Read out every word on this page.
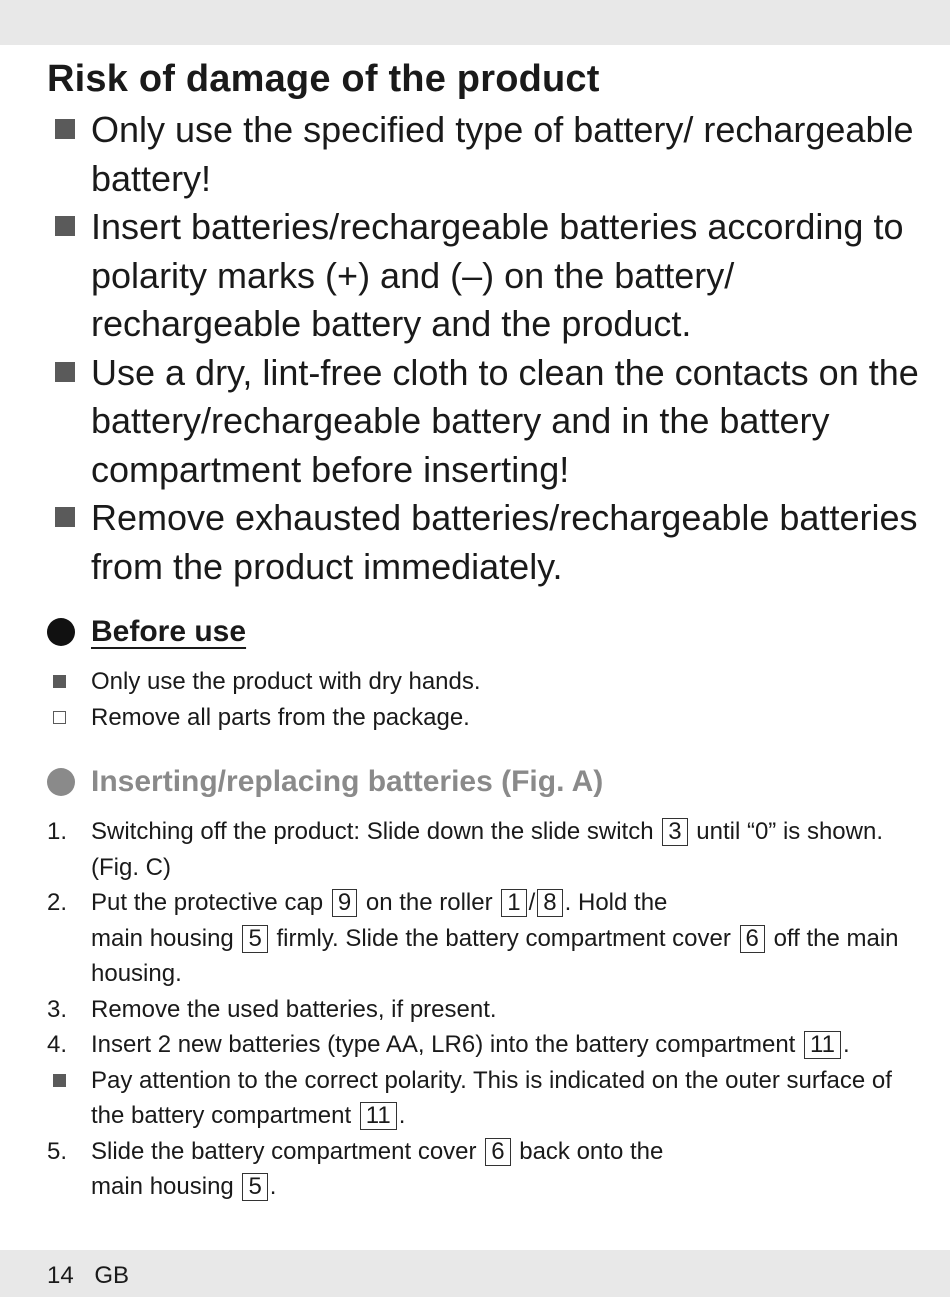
Risk of damage of the product
Only use the specified type of battery/ rechargeable battery!
Insert batteries/rechargeable batteries according to polarity marks (+) and (–) on the battery/ rechargeable battery and the product.
Use a dry, lint-free cloth to clean the contacts on the battery/rechargeable battery and in the battery compartment before inserting!
Remove exhausted batteries/rechargeable batteries from the product immediately.
Before use
Only use the product with dry hands.
Remove all parts from the package.
Inserting/replacing batteries (Fig. A)
1. Switching off the product: Slide down the slide switch 3 until “0” is shown. (Fig. C)
2. Put the protective cap 9 on the roller 1 / 8 . Hold the
main housing 5 firmly. Slide the battery compartment cover 6 off the main housing.
3. Remove the used batteries, if present.
4. Insert 2 new batteries (type AA, LR6) into the battery compartment 11 .
Pay attention to the correct polarity. This is indicated on the outer surface of the battery compartment 11 .
5. Slide the battery compartment cover 6 back onto the
main housing 5 .
14 GB
